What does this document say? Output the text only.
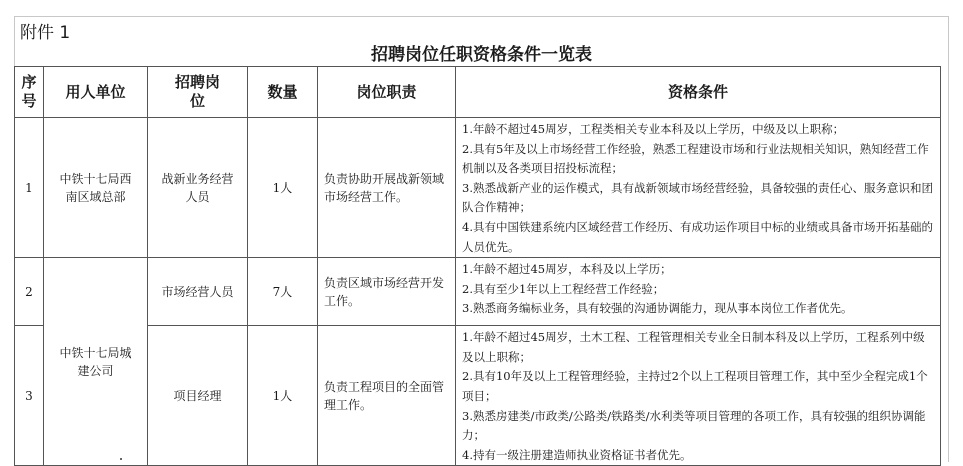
附件 1
招聘岗位任职资格条件一览表
序号	用人单位	招聘岗位	数量	岗位职责	资格条件
1	中铁十七局西南区域总部	战新业务经营人员	1人	负责协助开展战新领域市场经营工作。	1.年龄不超过45周岁，工程类相关专业本科及以上学历，中级及以上职称；
2.具有5年及以上市场经营工作经验，熟悉工程建设市场和行业法规相关知识，熟知经营工作机制以及各类项目招投标流程；
3.熟悉战新产业的运作模式，具有战新领域市场经营经验，具备较强的责任心、服务意识和团队合作精神；
4.具有中国铁建系统内区域经营工作经历、有成功运作项目中标的业绩或具备市场开拓基础的人员优先。

2	中铁十七局城建公司	市场经营人员	7人	负责区域市场经营开发工作。	1.年龄不超过45周岁，本科及以上学历；
2.具有至少1年以上工程经营工作经验；
3.熟悉商务编标业务，具有较强的沟通协调能力，现从事本岗位工作者优先。

3		项目经理	1人	负责工程项目的全面管理工作。	1.年龄不超过45周岁，土木工程、工程管理相关专业全日制本科及以上学历，工程系列中级及以上职称；
2.具有10年及以上工程管理经验，主持过2个以上工程项目管理工作，其中至少全程完成1个项目；
3.熟悉房建类/市政类/公路类/铁路类/水利类等项目管理的各项工作，具有较强的组织协调能力；
4.持有一级注册建造师执业资格证书者优先。
